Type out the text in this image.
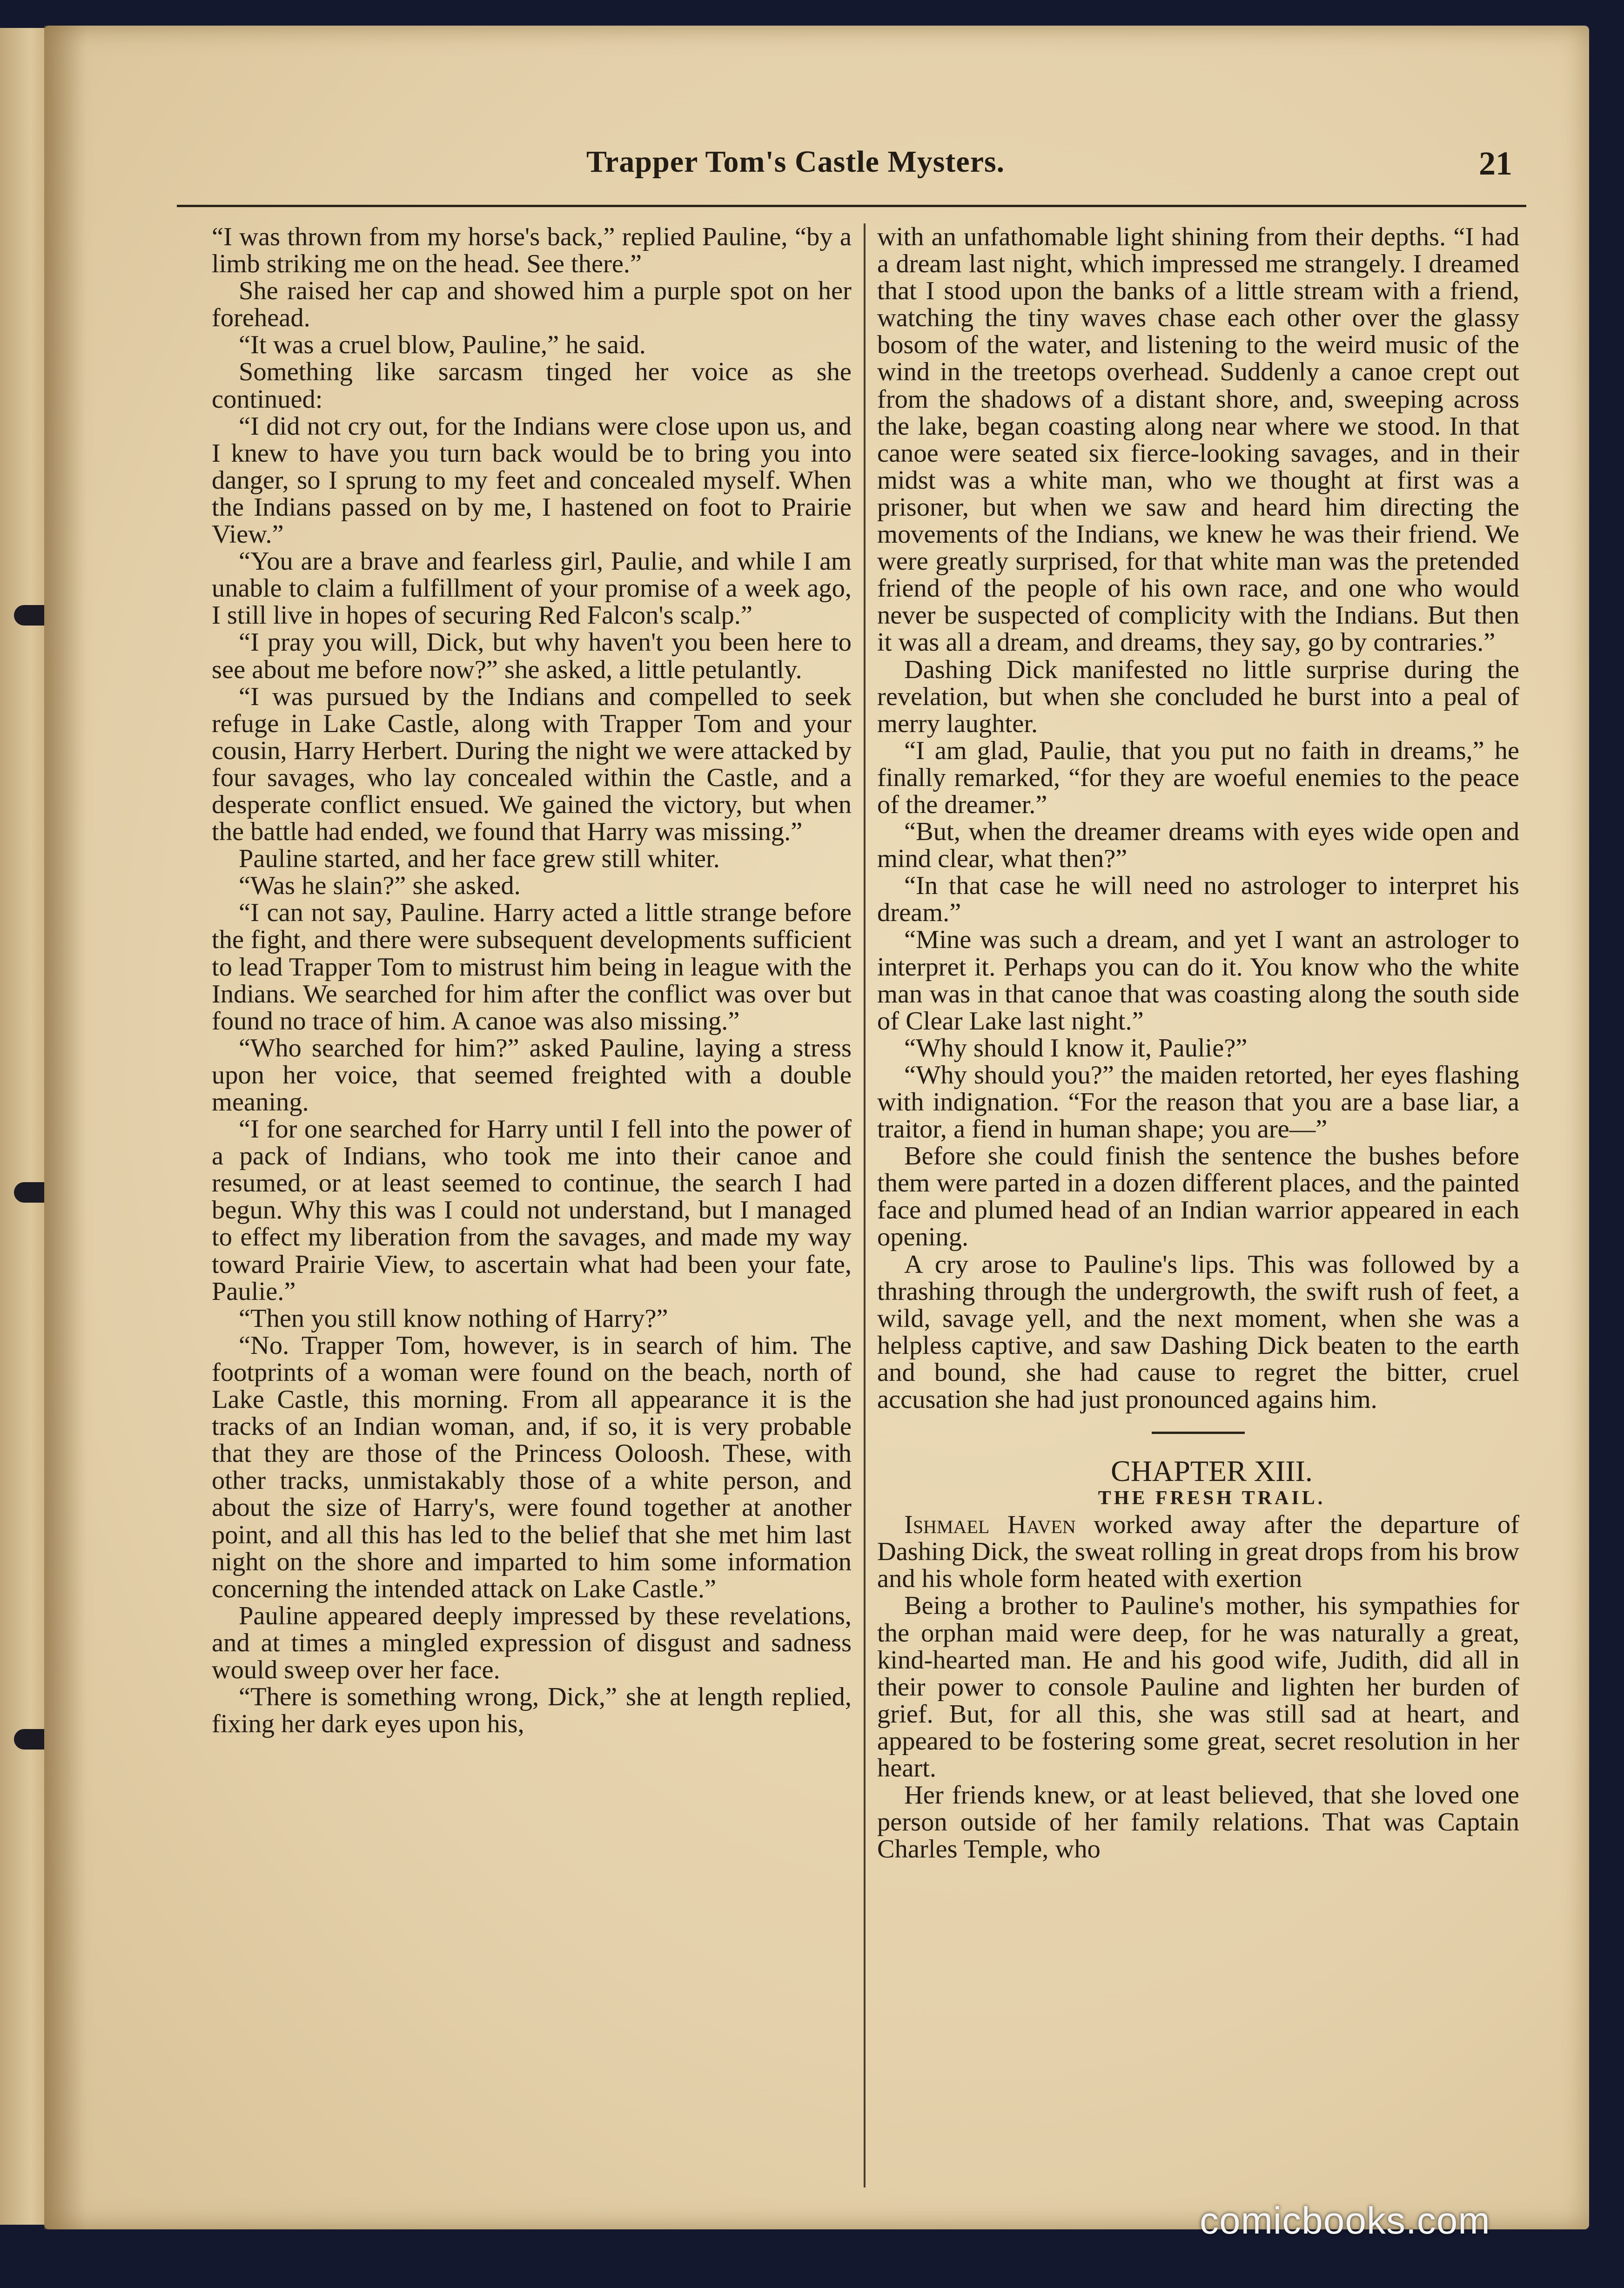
Trapper Tom's Castle Mysters.	21

“I was thrown from my horse's back,” replied Pauline, “by a limb striking me on the head. See there.”

She raised her cap and showed him a purple spot on her forehead.

“It was a cruel blow, Pauline,” he said.

Something like sarcasm tinged her voice as she continued:

“I did not cry out, for the Indians were close upon us, and I knew to have you turn back would be to bring you into danger, so I sprung to my feet and concealed myself. When the Indians passed on by me, I hastened on foot to Prairie View.”

“You are a brave and fearless girl, Paulie, and while I am unable to claim a fulfillment of your promise of a week ago, I still live in hopes of securing Red Falcon's scalp.”

“I pray you will, Dick, but why haven't you been here to see about me before now?” she asked, a little petulantly.

“I was pursued by the Indians and compelled to seek refuge in Lake Castle, along with Trapper Tom and your cousin, Harry Herbert. During the night we were attacked by four savages, who lay concealed within the Castle, and a desperate conflict ensued. We gained the victory, but when the battle had ended, we found that Harry was missing.”

Pauline started, and her face grew still whiter.

“Was he slain?” she asked.

“I can not say, Pauline. Harry acted a little strange before the fight, and there were subsequent developments sufficient to lead Trapper Tom to mistrust him being in league with the Indians. We searched for him after the conflict was over but found no trace of him. A canoe was also missing.”

“Who searched for him?” asked Pauline, laying a stress upon her voice, that seemed freighted with a double meaning.

“I for one searched for Harry until I fell into the power of a pack of Indians, who took me into their canoe and resumed, or at least seemed to continue, the search I had begun. Why this was I could not understand, but I managed to effect my liberation from the savages, and made my way toward Prairie View, to ascertain what had been your fate, Paulie.”

“Then you still know nothing of Harry?”

“No. Trapper Tom, however, is in search of him. The footprints of a woman were found on the beach, north of Lake Castle, this morning. From all appearance it is the tracks of an Indian woman, and, if so, it is very probable that they are those of the Princess Ooloosh. These, with other tracks, unmistakably those of a white person, and about the size of Harry's, were found together at another point, and all this has led to the belief that she met him last night on the shore and imparted to him some information concerning the intended attack on Lake Castle.”

Pauline appeared deeply impressed by these revelations, and at times a mingled expression of disgust and sadness would sweep over her face.

“There is something wrong, Dick,” she at length replied, fixing her dark eyes upon his,

with an unfathomable light shining from their depths. “I had a dream last night, which impressed me strangely. I dreamed that I stood upon the banks of a little stream with a friend, watching the tiny waves chase each other over the glassy bosom of the water, and listening to the weird music of the wind in the treetops overhead. Suddenly a canoe crept out from the shadows of a distant shore, and, sweeping across the lake, began coasting along near where we stood. In that canoe were seated six fierce-looking savages, and in their midst was a white man, who we thought at first was a prisoner, but when we saw and heard him directing the movements of the Indians, we knew he was their friend. We were greatly surprised, for that white man was the pretended friend of the people of his own race, and one who would never be suspected of complicity with the Indians. But then it was all a dream, and dreams, they say, go by contraries.”

Dashing Dick manifested no little surprise during the revelation, but when she concluded he burst into a peal of merry laughter.

“I am glad, Paulie, that you put no faith in dreams,” he finally remarked, “for they are woeful enemies to the peace of the dreamer.”

“But, when the dreamer dreams with eyes wide open and mind clear, what then?”

“In that case he will need no astrologer to interpret his dream.”

“Mine was such a dream, and yet I want an astrologer to interpret it. Perhaps you can do it. You know who the white man was in that canoe that was coasting along the south side of Clear Lake last night.”

“Why should I know it, Paulie?”

“Why should you?” the maiden retorted, her eyes flashing with indignation. “For the reason that you are a base liar, a traitor, a fiend in human shape; you are—”

Before she could finish the sentence the bushes before them were parted in a dozen different places, and the painted face and plumed head of an Indian warrior appeared in each opening.

A cry arose to Pauline's lips. This was followed by a thrashing through the undergrowth, the swift rush of feet, a wild, savage yell, and the next moment, when she was a helpless captive, and saw Dashing Dick beaten to the earth and bound, she had cause to regret the bitter, cruel accusation she had just pronounced agains him.

CHAPTER XIII.

THE FRESH TRAIL.

Ishmael Haven worked away after the departure of Dashing Dick, the sweat rolling in great drops from his brow and his whole form heated with exertion

Being a brother to Pauline's mother, his sympathies for the orphan maid were deep, for he was naturally a great, kind-hearted man. He and his good wife, Judith, did all in their power to console Pauline and lighten her burden of grief. But, for all this, she was still sad at heart, and appeared to be fostering some great, secret resolution in her heart.

Her friends knew, or at least believed, that she loved one person outside of her family relations. That was Captain Charles Temple, who

comicbooks.com
